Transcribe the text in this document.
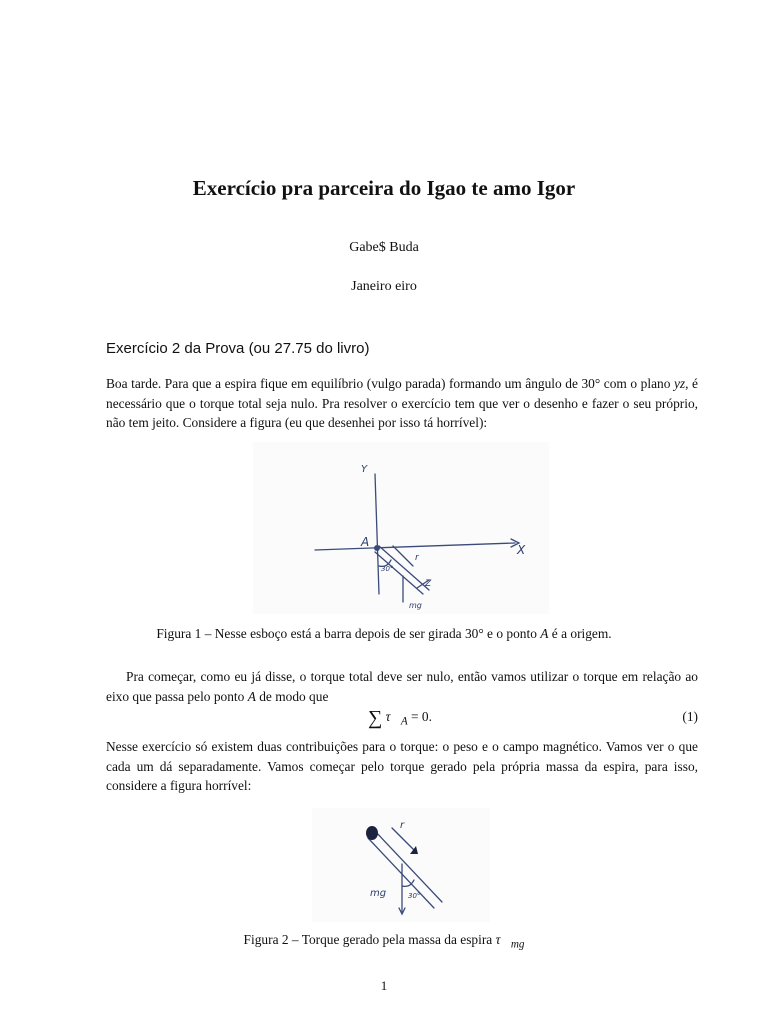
Exercício pra parceira do Igao te amo Igor
Gabe$ Buda
Janeiro eiro
Exercício 2 da Prova (ou 27.75 do livro)

Boa tarde. Para que a espira fique em equilíbrio (vulgo parada) formando um ângulo de 30° com o plano yz, é necessário que o torque total seja nulo. Pra resolver o exercício tem que ver o desenho e fazer o seu próprio, não tem jeito. Considere a figura (eu que desenhei por isso tá horrível):

Y
X
A
30°
r
Z
mg
Figura 1 – Nesse esboço está a barra depois de ser girada 30° e o ponto A é a origem.

Pra começar, como eu já disse, o torque total deve ser nulo, então vamos utilizar o torque em relação ao eixo que passa pelo ponto A de modo que

∑ $\tau⃗_A = 0$.	(1)

Nesse exercício só existem duas contribuições para o torque: o peso e o campo magnético. Vamos ver o que cada um dá separadamente. Vamos começar pelo torque gerado pela própria massa da espira, para isso, considere a figura horrível:

r
mg	30°
Figura 2 – Torque gerado pela massa da espira $\tau⃗_{mg}$
1
